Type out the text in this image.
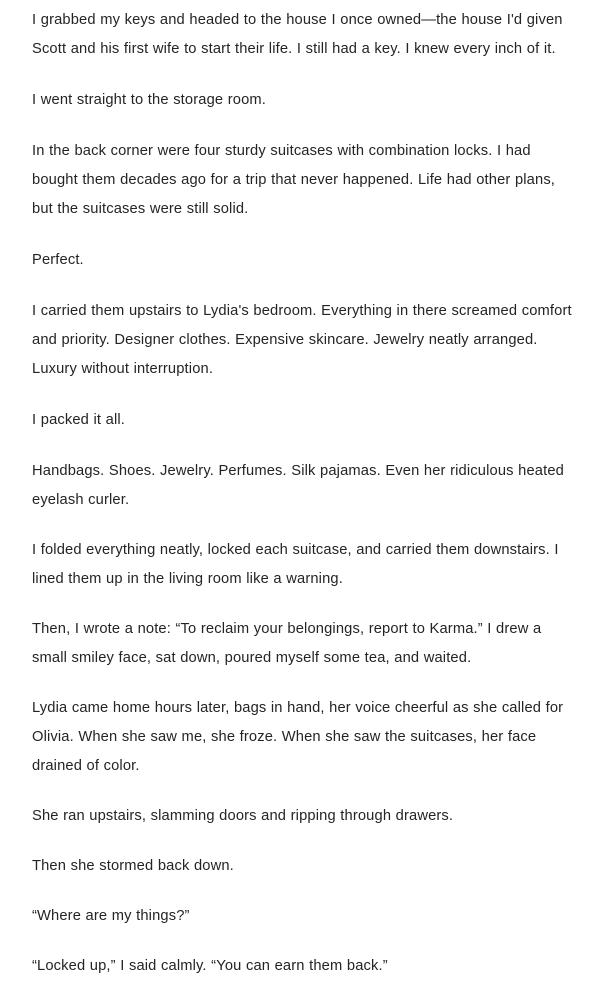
I grabbed my keys and headed to the house I once owned—the house I'd given Scott and his first wife to start their life. I still had a key. I knew every inch of it.

I went straight to the storage room.

In the back corner were four sturdy suitcases with combination locks. I had bought them decades ago for a trip that never happened. Life had other plans, but the suitcases were still solid.

Perfect.

I carried them upstairs to Lydia's bedroom. Everything in there screamed comfort and priority. Designer clothes. Expensive skincare. Jewelry neatly arranged. Luxury without interruption.

I packed it all.

Handbags. Shoes. Jewelry. Perfumes. Silk pajamas. Even her ridiculous heated eyelash curler.

I folded everything neatly, locked each suitcase, and carried them downstairs. I lined them up in the living room like a warning.

Then, I wrote a note: “To reclaim your belongings, report to Karma.” I drew a small smiley face, sat down, poured myself some tea, and waited.

Lydia came home hours later, bags in hand, her voice cheerful as she called for Olivia. When she saw me, she froze. When she saw the suitcases, her face drained of color.

She ran upstairs, slamming doors and ripping through drawers.

Then she stormed back down.

“Where are my things?”

“Locked up,” I said calmly. “You can earn them back.”
